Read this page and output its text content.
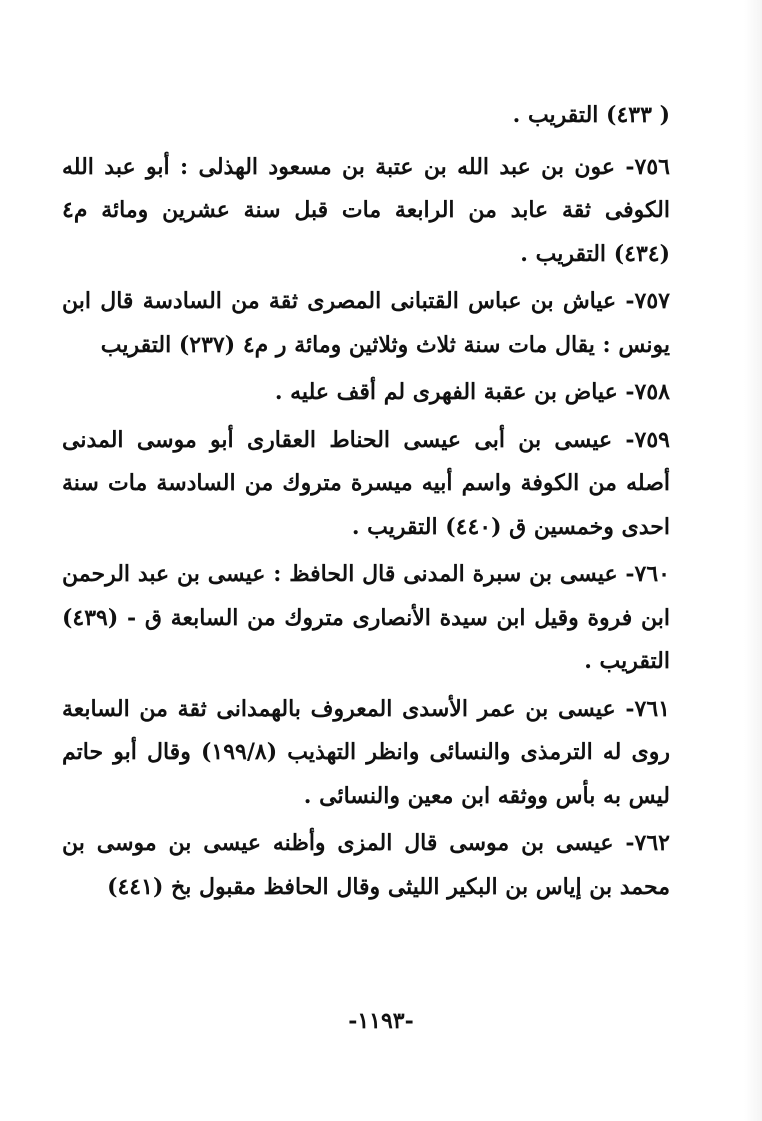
( ٤٣٣) التقريب .

٧٥٦- عون بن عبد الله بن عتبة بن مسعود الهذلى : أبو عبد الله الكوفى ثقة عابد من الرابعة مات قبل سنة عشرين ومائة م٤ (٤٣٤) التقريب .

٧٥٧- عياش بن عباس القتبانى المصرى ثقة من السادسة قال ابن يونس : يقال مات سنة ثلاث وثلاثين ومائة ر م٤ (٢٣٧) التقريب

٧٥٨- عياض بن عقبة الفهرى لم أقف عليه .

٧٥٩- عيسى بن أبى عيسى الحناط العقارى أبو موسى المدنى أصله من الكوفة واسم أبيه ميسرة متروك من السادسة مات سنة احدى وخمسين ق (٤٤٠) التقريب .

٧٦٠- عيسى بن سبرة المدنى قال الحافظ : عيسى بن عبد الرحمن ابن فروة وقيل ابن سيدة الأنصارى متروك من السابعة ق - (٤٣٩) التقريب .

٧٦١- عيسى بن عمر الأسدى المعروف بالهمدانى ثقة من السابعة روى له الترمذى والنسائى وانظر التهذيب (١٩٩/٨) وقال أبو حاتم ليس به بأس ووثقه ابن معين والنسائى .

٧٦٢- عيسى بن موسى قال المزى وأظنه عيسى بن موسى بن محمد بن إياس بن البكير الليثى وقال الحافظ مقبول بخ (٤٤١)

-١١٩٣-
